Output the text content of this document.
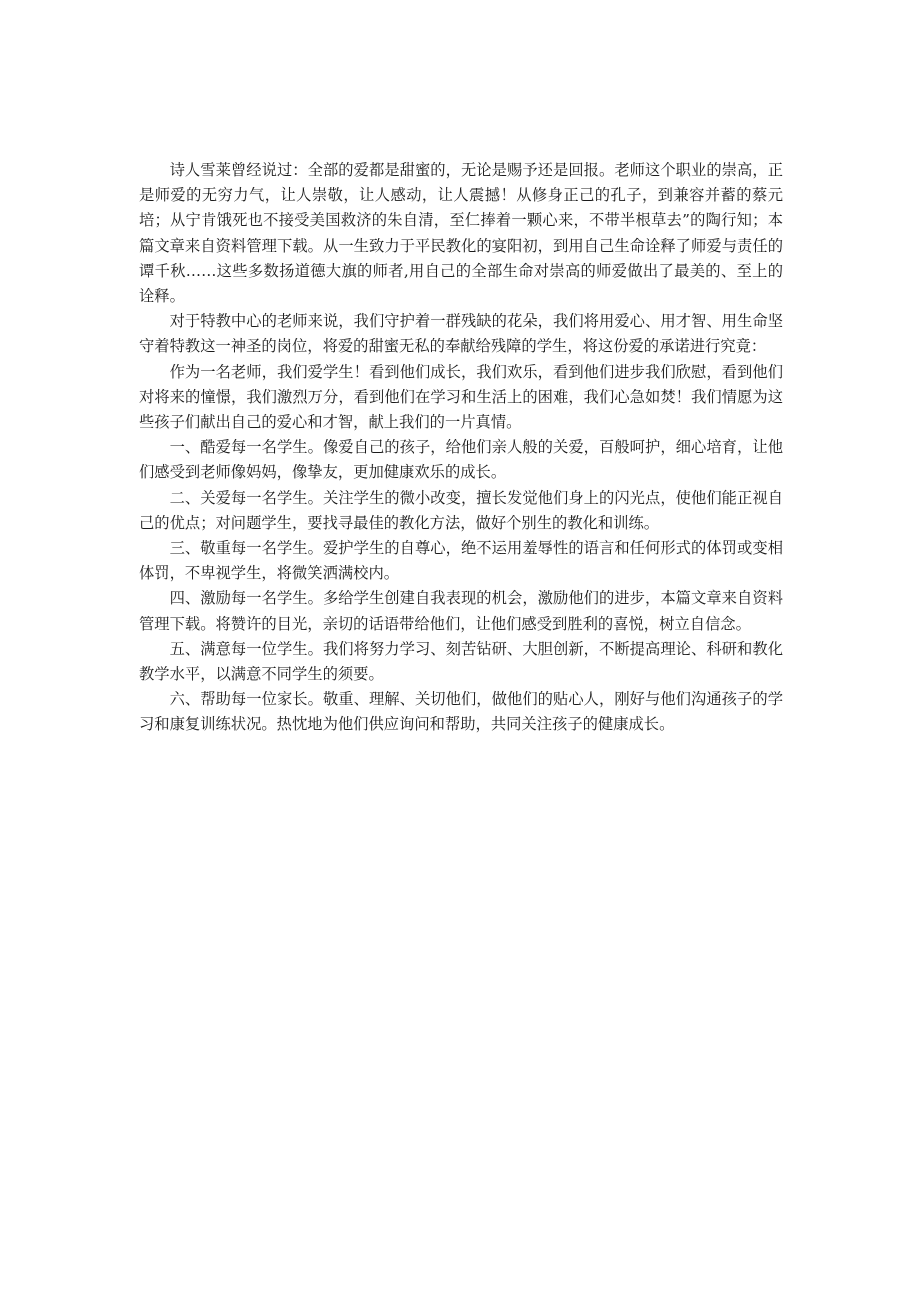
诗人雪莱曾经说过：全部的爱都是甜蜜的，无论是赐予还是回报。老师这个职业的崇高，正是师爱的无穷力气，让人崇敬，让人感动，让人震撼！从修身正己的孔子，到兼容并蓄的蔡元培；从宁肯饿死也不接受美国救济的朱自清，至仁捧着一颗心来，不带半根草去”的陶行知；本篇文章来自资料管理下载。从一生致力于平民教化的宴阳初，到用自己生命诠释了师爱与责任的谭千秋……这些多数扬道德大旗的师者,用自己的全部生命对崇高的师爱做出了最美的、至上的诠释。

对于特教中心的老师来说，我们守护着一群残缺的花朵，我们将用爱心、用才智、用生命坚守着特教这一神圣的岗位，将爱的甜蜜无私的奉献给残障的学生，将这份爱的承诺进行究竟：

作为一名老师，我们爱学生！看到他们成长，我们欢乐，看到他们进步我们欣慰，看到他们对将来的憧憬，我们激烈万分，看到他们在学习和生活上的困难，我们心急如焚！我们情愿为这些孩子们献出自己的爱心和才智，献上我们的一片真情。

一、酷爱每一名学生。像爱自己的孩子，给他们亲人般的关爱，百般呵护，细心培育，让他们感受到老师像妈妈，像挚友，更加健康欢乐的成长。

二、关爱每一名学生。关注学生的微小改变，擅长发觉他们身上的闪光点，使他们能正视自己的优点；对问题学生，要找寻最佳的教化方法，做好个别生的教化和训练。

三、敬重每一名学生。爱护学生的自尊心，绝不运用羞辱性的语言和任何形式的体罚或变相体罚，不卑视学生，将微笑洒满校内。

四、激励每一名学生。多给学生创建自我表现的机会，激励他们的进步，本篇文章来自资料管理下载。将赞许的目光，亲切的话语带给他们，让他们感受到胜利的喜悦，树立自信念。

五、满意每一位学生。我们将努力学习、刻苦钻研、大胆创新，不断提高理论、科研和教化教学水平，以满意不同学生的须要。

六、帮助每一位家长。敬重、理解、关切他们，做他们的贴心人，刚好与他们沟通孩子的学习和康复训练状况。热忱地为他们供应询问和帮助，共同关注孩子的健康成长。
